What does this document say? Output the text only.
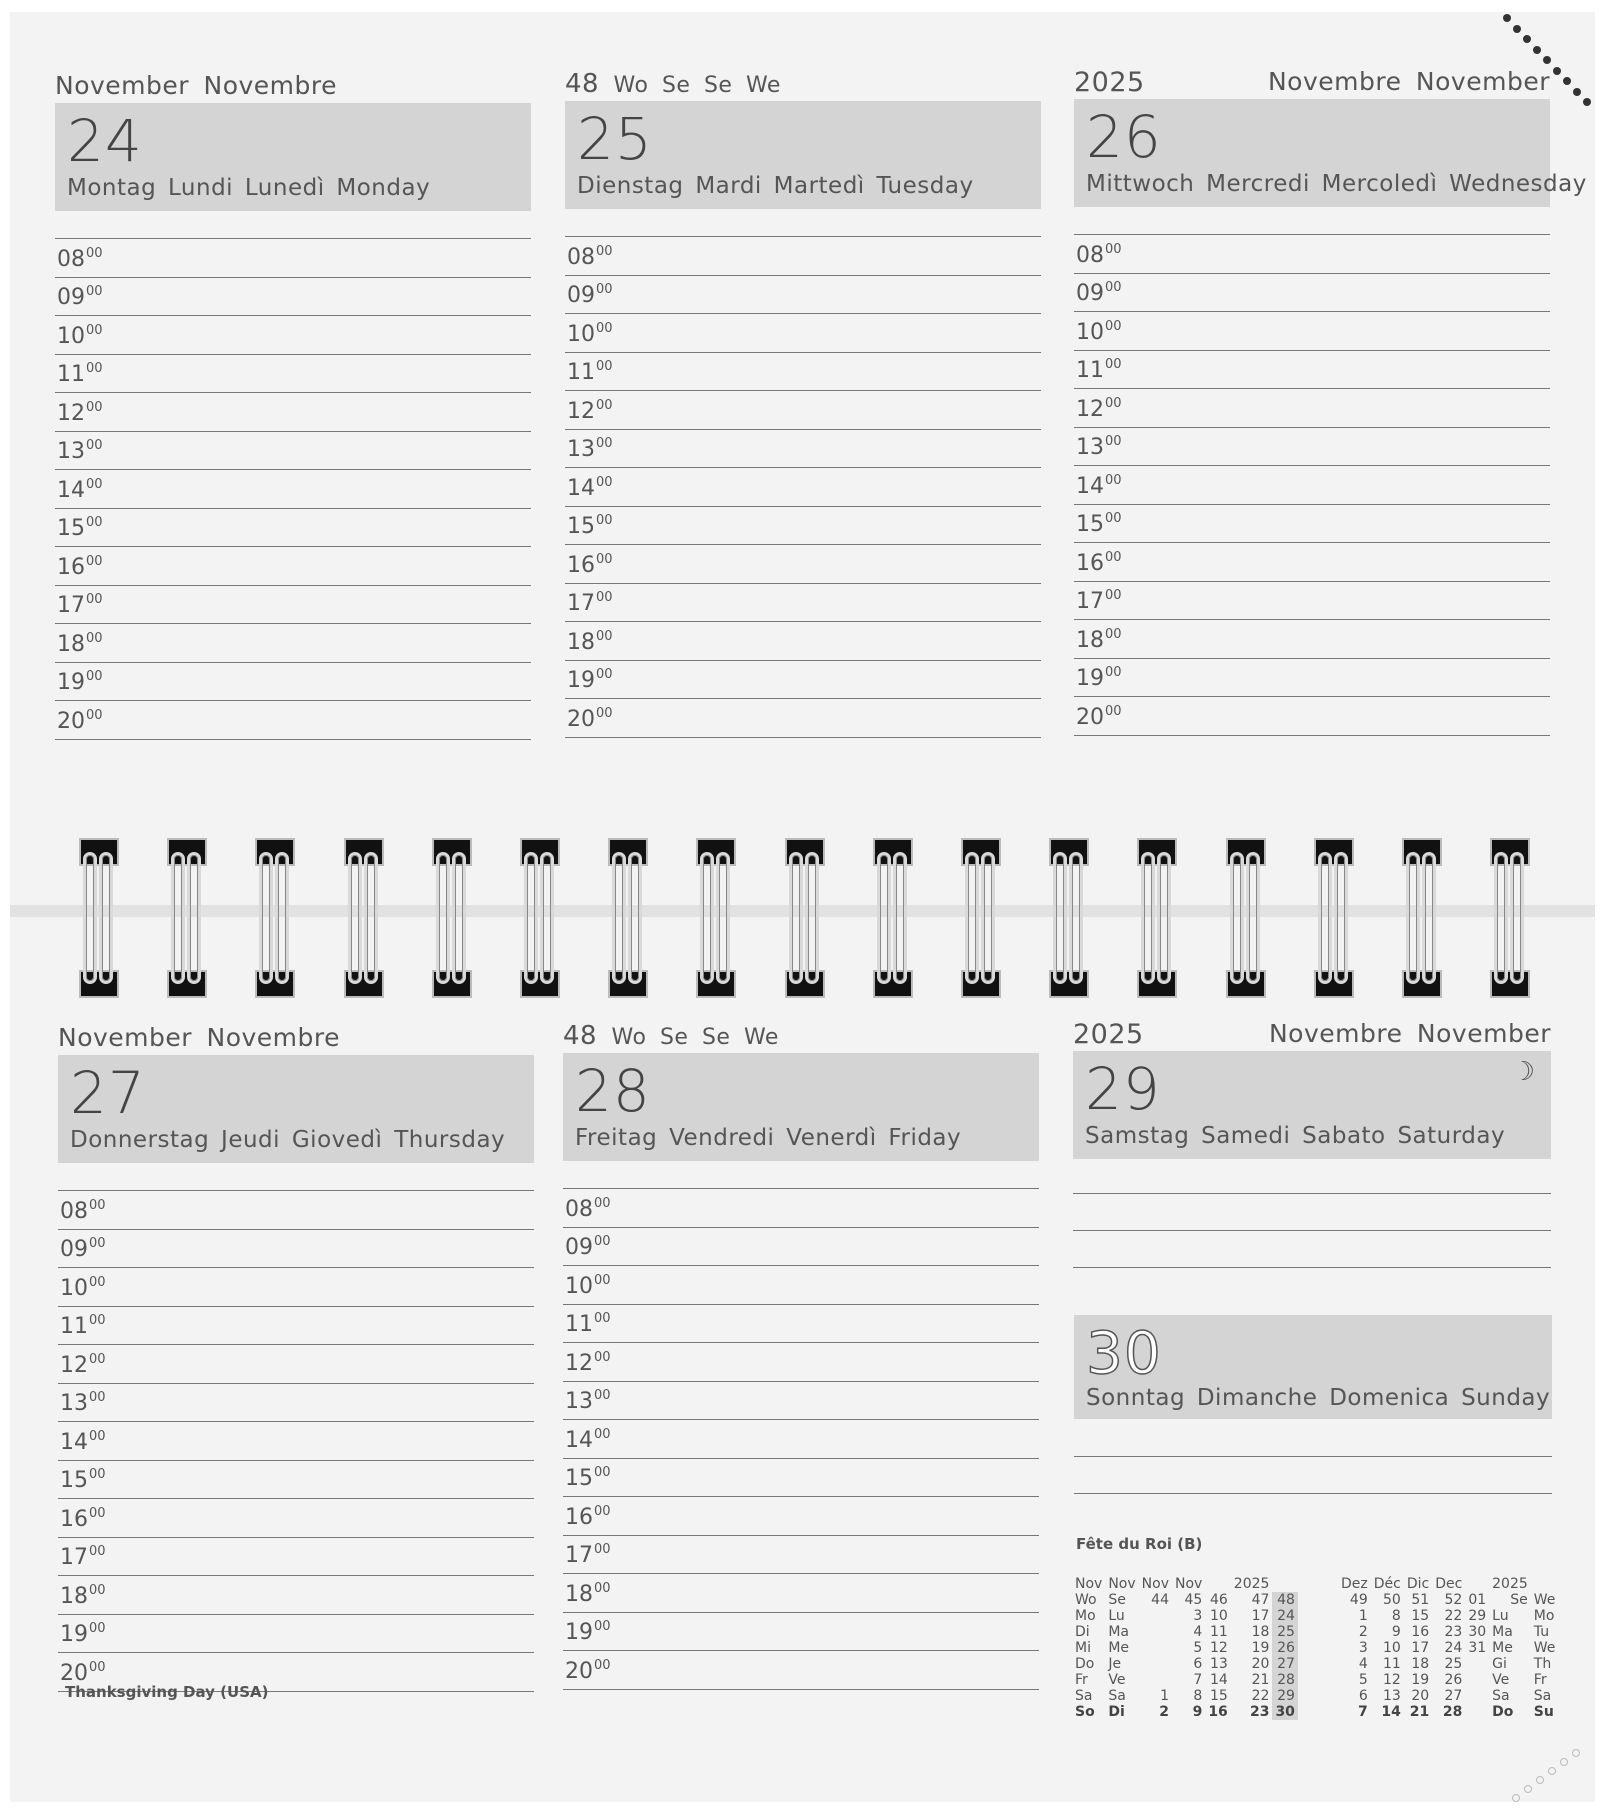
November Novembre
24
Montag Lundi Lunedì Monday
$08^{00}$
$09^{00}$
$10^{00}$
$11^{00}$
$12^{00}$
$13^{00}$
$14^{00}$
$15^{00}$
$16^{00}$
$17^{00}$
$18^{00}$
$19^{00}$
$20^{00}$
48 Wo Se Se We
25
Dienstag Mardi Martedì Tuesday
$08^{00}$
$09^{00}$
$10^{00}$
$11^{00}$
$12^{00}$
$13^{00}$
$14^{00}$
$15^{00}$
$16^{00}$
$17^{00}$
$18^{00}$
$19^{00}$
$20^{00}$
2025	Novembre November
26
Mittwoch Mercredi Mercoledì Wednesday
$08^{00}$
$09^{00}$
$10^{00}$
$11^{00}$
$12^{00}$
$13^{00}$
$14^{00}$
$15^{00}$
$16^{00}$
$17^{00}$
$18^{00}$
$19^{00}$
$20^{00}$
November Novembre
27
Donnerstag Jeudi Giovedì Thursday
$08^{00}$
$09^{00}$
$10^{00}$
$11^{00}$
$12^{00}$
$13^{00}$
$14^{00}$
$15^{00}$
$16^{00}$
$17^{00}$
$18^{00}$
$19^{00}$
$20^{00}$
Thanksgiving Day (USA)
48 Wo Se Se We
28
Freitag Vendredi Venerdì Friday
$08^{00}$
$09^{00}$
$10^{00}$
$11^{00}$
$12^{00}$
$13^{00}$
$14^{00}$
$15^{00}$
$16^{00}$
$17^{00}$
$18^{00}$
$19^{00}$
$20^{00}$
2025	Novembre November
29
Samstag Samedi Sabato Saturday
☽
30
Sonntag Dimanche Domenica Sunday
Fête du Roi (B)
Nov	Nov	Nov	Nov		2025	
Wo	Se	44	45	46	47	48
Mo	Lu		3	10	17	24
Di	Ma		4	11	18	25
Mi	Me		5	12	19	26
Do	Je		6	13	20	27
Fr	Ve		7	14	21	28
Sa	Sa	1	8	15	22	29
So	Di	2	9	16	23	30
Dez	Déc	Dic	Dec		2025	
49	50	51	52	01	Se	We
1	8	15	22	29	Lu	Mo
2	9	16	23	30	Ma	Tu
3	10	17	24	31	Me	We
4	11	18	25		Gi	Th
5	12	19	26		Ve	Fr
6	13	20	27		Sa	Sa
7	14	21	28		Do	Su
